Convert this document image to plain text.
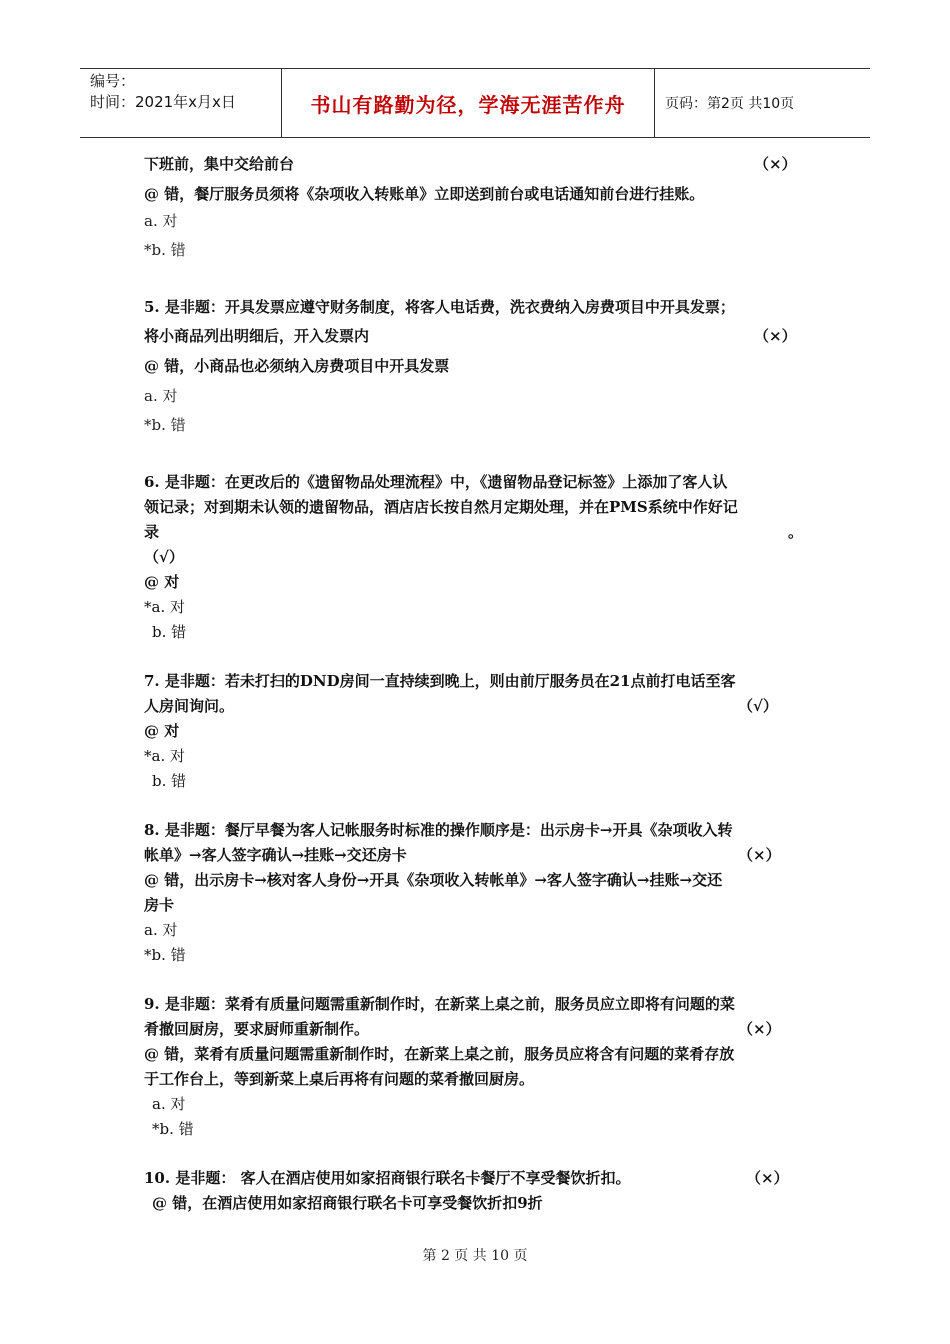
编号：
时间：2021年x月x日	书山有路勤为径，学海无涯苦作舟	页码：第2页 共10页
下班前，集中交给前台	（×）
@ 错，餐厅服务员须将《杂项收入转账单》立即送到前台或电话通知前台进行挂账。
a. 对
*b. 错
5. 是非题：开具发票应遵守财务制度，将客人电话费，洗衣费纳入房费项目中开具发票；
将小商品列出明细后，开入发票内	（×）
@ 错，小商品也必须纳入房费项目中开具发票
a. 对
*b. 错
6. 是非题：在更改后的《遗留物品处理流程》中，《遗留物品登记标签》上添加了客人认
领记录；对到期未认领的遗留物品，酒店店长按自然月定期处理，并在PMS系统中作好记
录	。
（√）
@ 对
*a. 对
b. 错
7. 是非题：若未打扫的DND房间一直持续到晚上，则由前厅服务员在21点前打电话至客
人房间询问。	（√）
@ 对
*a. 对
b. 错
8. 是非题：餐厅早餐为客人记帐服务时标准的操作顺序是：出示房卡→开具《杂项收入转
帐单》→客人签字确认→挂账→交还房卡	（×）
@ 错，出示房卡→核对客人身份→开具《杂项收入转帐单》→客人签字确认→挂账→交还
房卡
a. 对
*b. 错
9. 是非题：菜肴有质量问题需重新制作时，在新菜上桌之前，服务员应立即将有问题的菜
肴撤回厨房，要求厨师重新制作。	（×）
@ 错，菜肴有质量问题需重新制作时，在新菜上桌之前，服务员应将含有问题的菜肴存放
于工作台上，等到新菜上桌后再将有问题的菜肴撤回厨房。
a. 对
*b. 错
10. 是非题： 客人在酒店使用如家招商银行联名卡餐厅不享受餐饮折扣。	（×）
@ 错，在酒店使用如家招商银行联名卡可享受餐饮折扣9折
第 2 页 共 10 页
